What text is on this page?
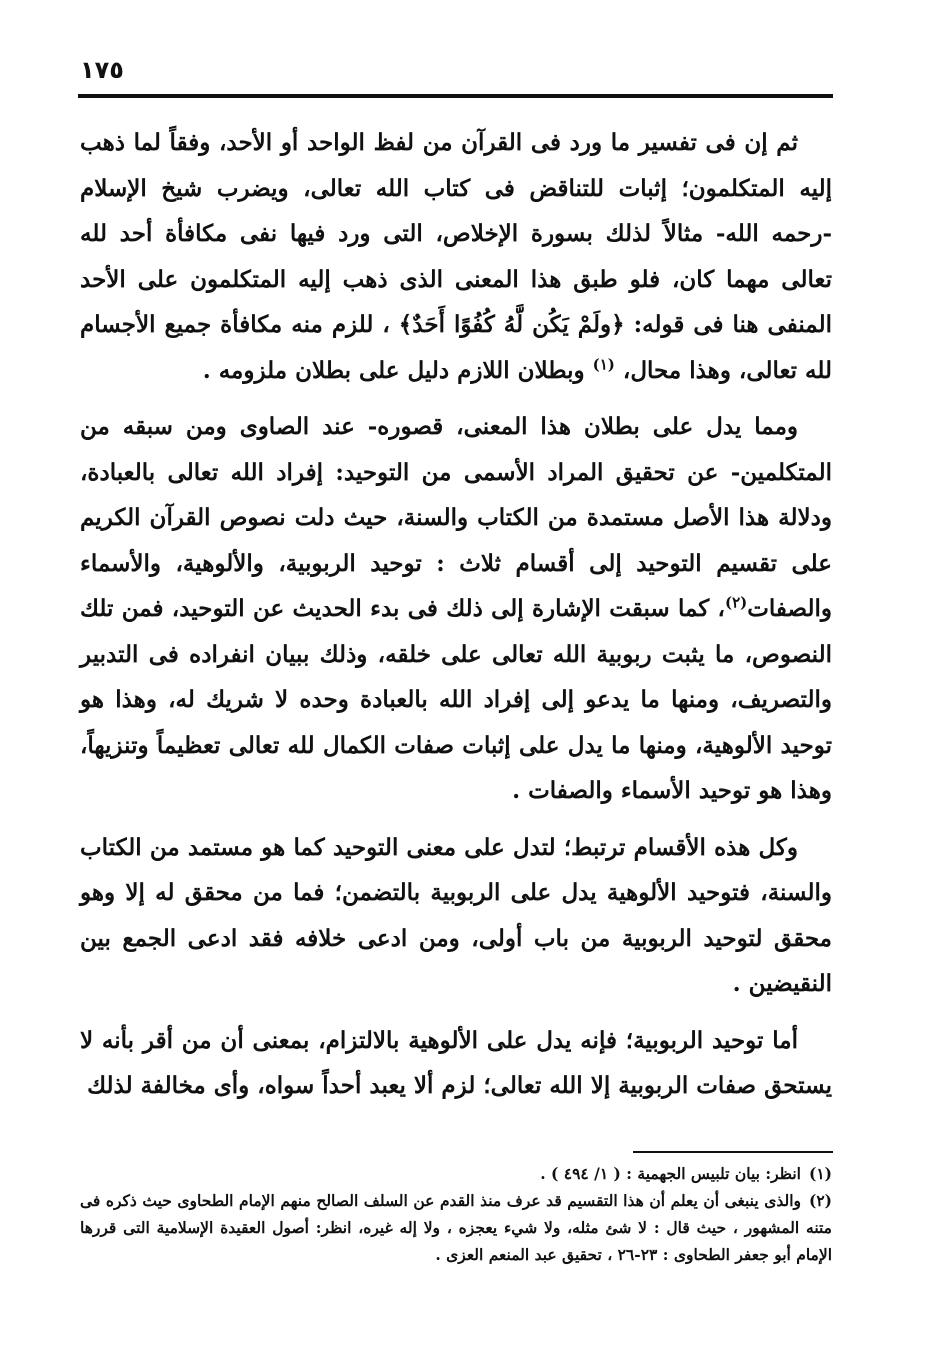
١٧٥

ثم إن فى تفسير ما ورد فى القرآن من لفظ الواحد أو الأحد، وفقاً لما ذهب إليه المتكلمون؛ إثبات للتناقض فى كتاب الله تعالى، ويضرب شيخ الإسلام -رحمه الله- مثالاً لذلك بسورة الإخلاص، التى ورد فيها نفى مكافأة أحد لله تعالى مهما كان، فلو طبق هذا المعنى الذى ذهب إليه المتكلمون على الأحد المنفى هنا فى قوله: ﴿ولَمْ يَكُن لَّهُ كُفُوًا أَحَدٌ﴾ ، للزم منه مكافأة جميع الأجسام لله تعالى، وهذا محال، $^{(١)}$ وبطلان اللازم دليل على بطلان ملزومه .

ومما يدل على بطلان هذا المعنى، قصوره- عند الصاوى ومن سبقه من المتكلمين- عن تحقيق المراد الأسمى من التوحيد: إفراد الله تعالى بالعبادة، ودلالة هذا الأصل مستمدة من الكتاب والسنة، حيث دلت نصوص القرآن الكريم على تقسيم التوحيد إلى أقسام ثلاث : توحيد الربوبية، والألوهية، والأسماء والصفات$^{(٢)}$، كما سبقت الإشارة إلى ذلك فى بدء الحديث عن التوحيد، فمن تلك النصوص، ما يثبت ربوبية الله تعالى على خلقه، وذلك ببيان انفراده فى التدبير والتصريف، ومنها ما يدعو إلى إفراد الله بالعبادة وحده لا شريك له، وهذا هو توحيد الألوهية، ومنها ما يدل على إثبات صفات الكمال لله تعالى تعظيماً وتنزيهاً، وهذا هو توحيد الأسماء والصفات .

وكل هذه الأقسام ترتبط؛ لتدل على معنى التوحيد كما هو مستمد من الكتاب والسنة، فتوحيد الألوهية يدل على الربوبية بالتضمن؛ فما من محقق له إلا وهو محقق لتوحيد الربوبية من باب أولى، ومن ادعى خلافه فقد ادعى الجمع بين النقيضين .

أما توحيد الربوبية؛ فإنه يدل على الألوهية بالالتزام، بمعنى أن من أقر بأنه لا يستحق صفات الربوبية إلا الله تعالى؛ لزم ألا يعبد أحداً سواه، وأى مخالفة لذلك

(١)انظر: بيان تلبيس الجهمية : ( ١/ ٤٩٤ ) .

(٢)والذى ينبغى أن يعلم أن هذا التقسيم قد عرف منذ القدم عن السلف الصالح منهم الإمام الطحاوى حيث ذكره فى متنه المشهور ، حيث قال : لا شئ مثله، ولا شيء يعجزه ، ولا إله غيره، انظر: أصول العقيدة الإسلامية التى قررها الإمام أبو جعفر الطحاوى : ٢٣-٢٦ ، تحقيق عبد المنعم العزى .
